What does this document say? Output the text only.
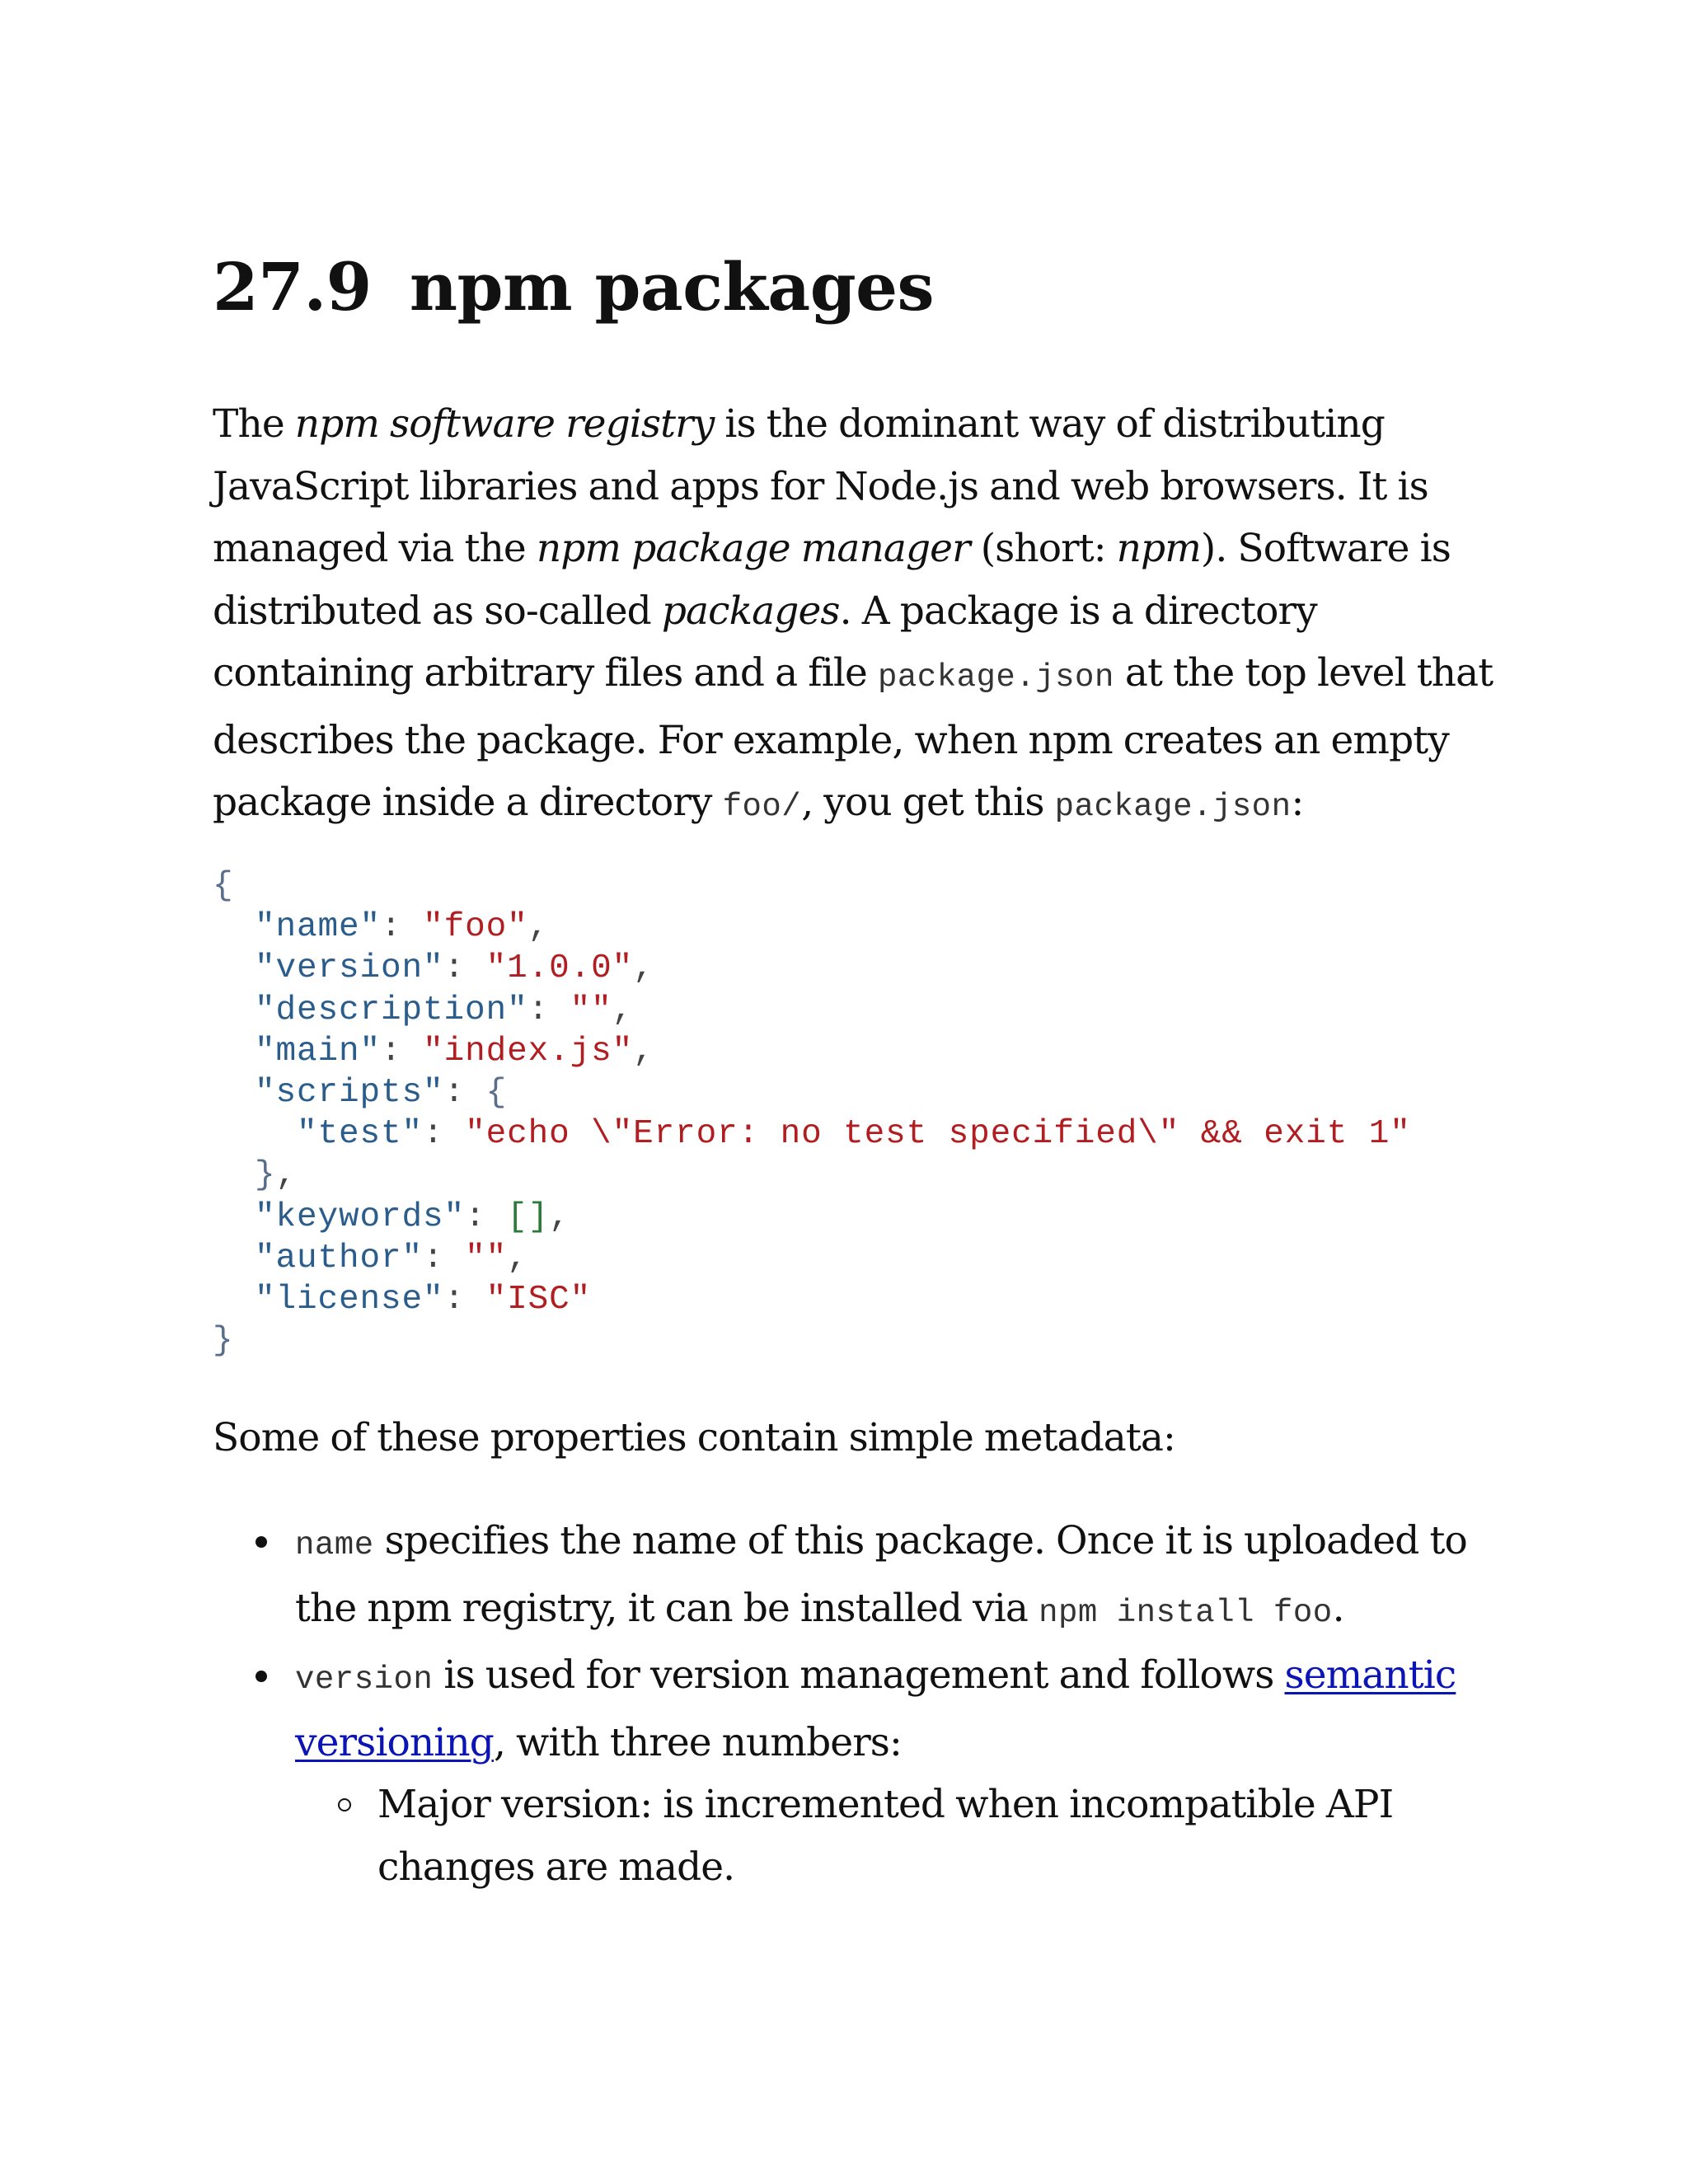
27.9 npm packages

The npm software registry is the dominant way of distributing JavaScript libraries and apps for Node.js and web browsers. It is managed via the npm package manager (short: npm). Software is distributed as so-called packages. A package is a directory containing arbitrary files and a file package.json at the top level that describes the package. For example, when npm creates an empty package inside a directory foo/, you get this package.json:

{
"name": "foo",
"version": "1.0.0",
"description": "",
"main": "index.js",
"scripts": {
"test": "echo \"Error: no test specified\" && exit 1"
},
"keywords": [],
"author": "",
"license": "ISC"
}

Some of these properties contain simple metadata:

name specifies the name of this package. Once it is uploaded to the npm registry, it can be installed via npm install foo.
version is used for version management and follows semantic versioning, with three numbers:
Major version: is incremented when incompatible API changes are made.
